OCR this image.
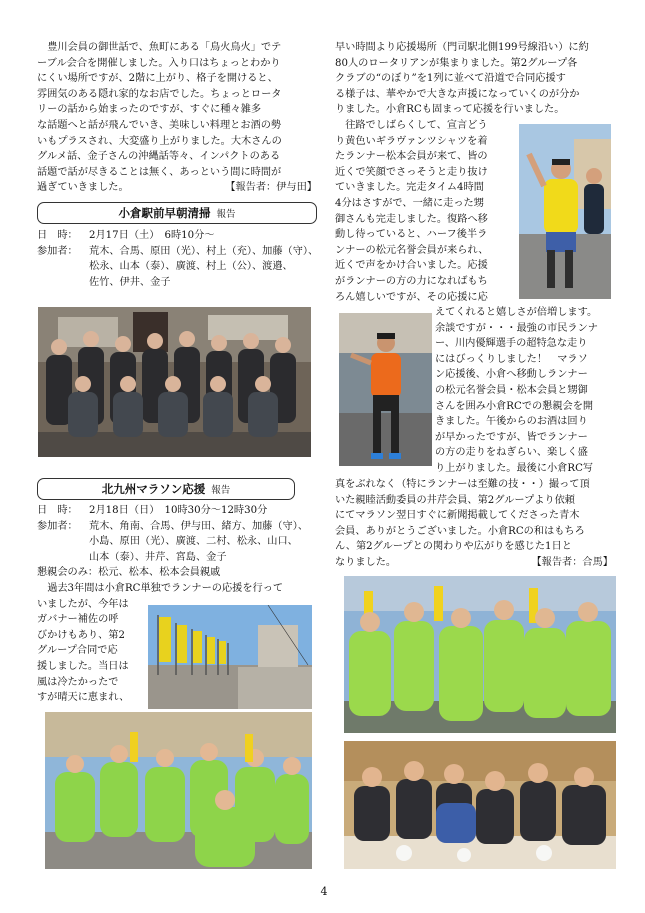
豊川会員の御世話で、魚町にある「鳥火鳥火」でテ

ーブル会合を開催しました。入り口はちょっとわかり

にくい場所ですが、2階に上がり、格子を開けると、

雰囲気のある隠れ家的なお店でした。ちょっとロータ

リーの話から始まったのですが、すぐに種々雑多

な話題へと話が飛んでいき、美味しい料理とお酒の勢

いもプラスされ、大変盛り上がりました。大木さんの

グルメ話、金子さんの沖縄話等々、インパクトのある

話題で話が尽きることは無く、あっという間に時間が

過ぎていきました。	【報告者：伊与田】
小倉駅前早朝清掃 報告
日　時：	2月17日（土）　6時10分～
参加者：	荒木、合馬、原田（光）、村上（充）、加藤（守）、
松永、山本（泰）、廣渡、村上（公）、渡邉、
佐竹、伊井、金子
北九州マラソン応援 報告
日　時：	2月18日（日）　10時30分～12時30分
参加者：	荒木、角南、合馬、伊与田、緒方、加藤（守）、
小島、原田（光）、廣渡、二村、松永、山口、
山本（泰）、井芹、宮島、金子
懇親会のみ： 松元、松本、松本会員親戚

過去3年間は小倉RC単独でランナーの応援を行って

いましたが、今年は

ガバナー補佐の呼

びかけもあり、第2

グループ合同で応

援しました。当日は

風は冷たかったで

すが晴天に恵まれ、

早い時間より応援場所（門司駅北側199号線沿い）に約

80人のロータリアンが集まりました。第2グループ各

クラブの“のぼり”を1列に並べて沿道で合同応援す

る様子は、華やかで大きな声援になっていくのが分か

りました。小倉RCも固まって応援を行いました。

往路でしばらくして、宣言どう

り黄色いギラヴァンツシャツを着

たランナー松本会員が来て、皆の

近くで笑顔でさっそうと走り抜け

ていきました。完走タイム4時間

4分はさすがで、一緒に走った甥

御さんも完走しました。復路へ移

動し待っていると、ハーフ後半ラ

ンナーの松元名誉会員が来られ、

近くで声をかけ合いました。応援

がランナーの方の力になればもち

ろん嬉しいですが、その応援に応

えてくれると嬉しさが倍増します。

余談ですが・・・最強の市民ランナ

ー、川内優輝選手の超特急な走り

にはびっくりしました！　マラソ

ン応援後、小倉へ移動しランナー

の松元名誉会員・松本会員と甥御

さんを囲み小倉RCでの懇親会を開

きました。午後からのお酒は回り

が早かったですが、皆でランナー

の方の走りをねぎらい、楽しく盛

り上がりました。最後に小倉RC写

真をぶれなく（特にランナーは至難の技・・）撮って頂

いた親睦活動委員の井芹会員、第2グループより依頼

にてマラソン翌日すぐに新聞掲載してくださった青木

会員、ありがとうございました。小倉RCの和はもちろ

ん、第2グループとの関わりや広がりを感じた1日と

なりました。	【報告者：合馬】
4
